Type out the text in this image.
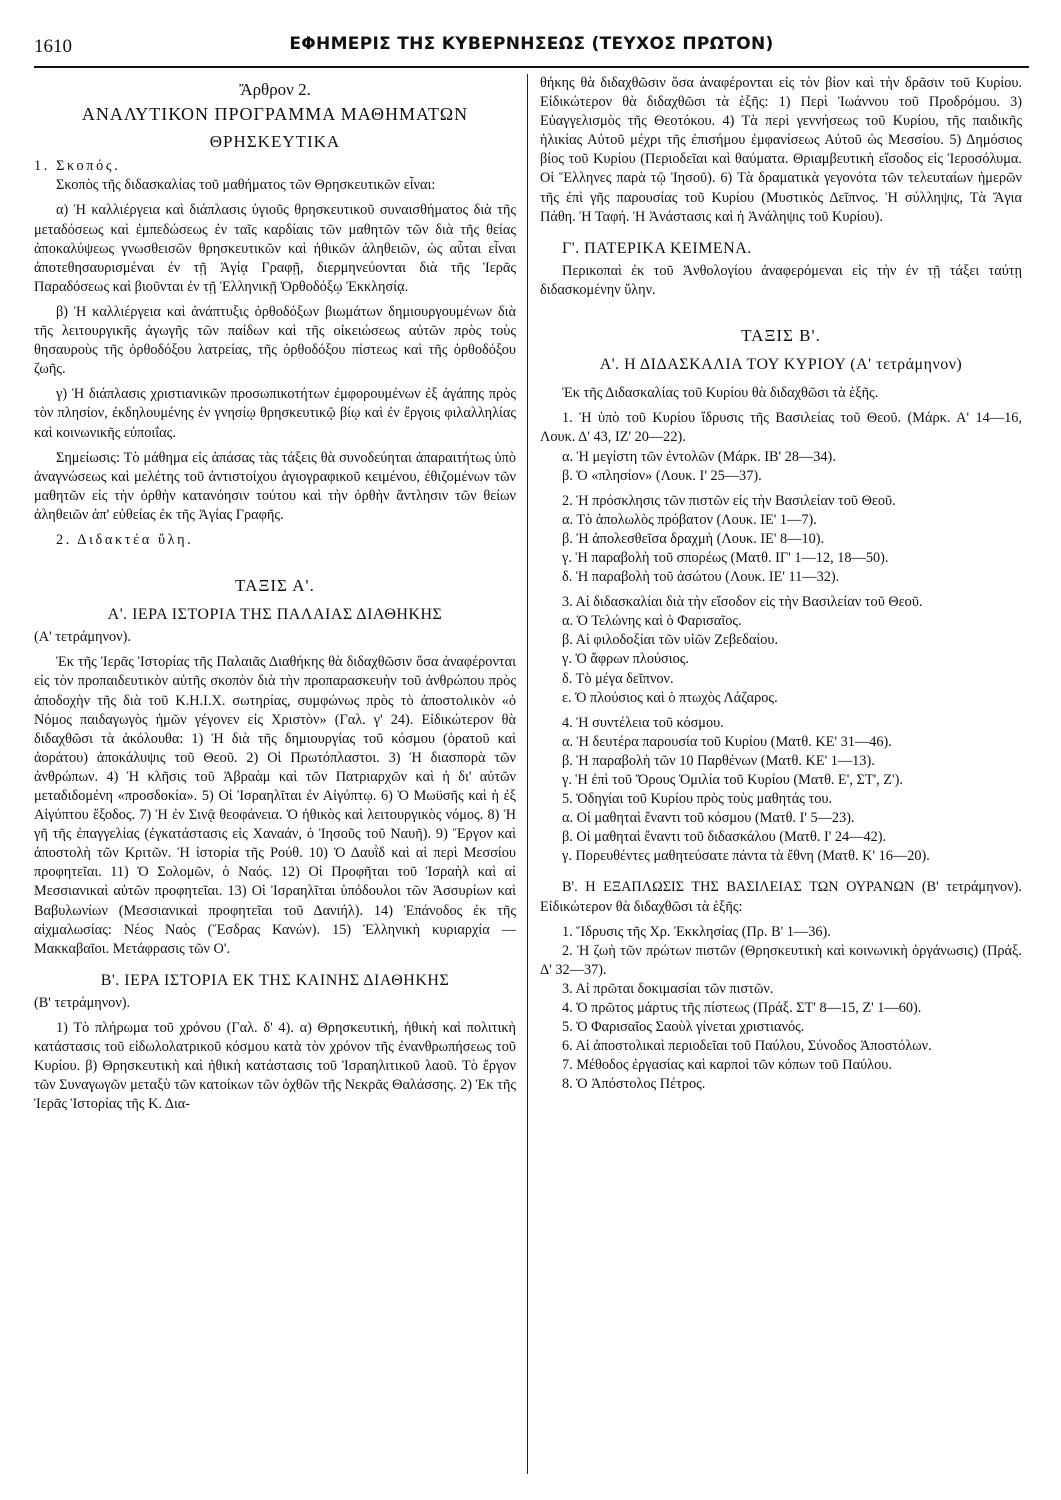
1610	ΕΦΗΜΕΡΙΣ ΤΗΣ ΚΥΒΕΡΝΗΣΕΩΣ (ΤΕΥΧΟΣ ΠΡΩΤΟΝ)

Ἄρθρον 2.

ΑΝΑΛΥΤΙΚΟΝ ΠΡΟΓΡΑΜΜΑ ΜΑΘΗΜΑΤΩΝ

ΘΡΗΣΚΕΥΤΙΚΑ

1. Σκοπός.

Σκοπὸς τῆς διδασκαλίας τοῦ μαθήματος τῶν Θρησκευτικῶν εἶναι:

α) Ἡ καλλιέργεια καὶ διάπλασις ὑγιοῦς θρησκευτικοῦ συναισθήματος διὰ τῆς μεταδόσεως καὶ ἐμπεδώσεως ἐν ταῖς καρδίαις τῶν μαθητῶν τῶν διὰ τῆς θείας ἀποκαλύψεως γνωσθεισῶν θρησκευτικῶν καὶ ἠθικῶν ἀληθειῶν, ὡς αὗται εἶναι ἀποτεθησαυρισμέναι ἐν τῇ Ἁγίᾳ Γραφῇ, διερμηνεύονται διὰ τῆς Ἱερᾶς Παραδόσεως καὶ βιοῦνται ἐν τῇ Ἑλληνικῇ Ὀρθοδόξῳ Ἐκκλησίᾳ.

β) Ἡ καλλιέργεια καὶ ἀνάπτυξις ὀρθοδόξων βιωμάτων δημιουργουμένων διὰ τῆς λειτουργικῆς ἀγωγῆς τῶν παίδων καὶ τῆς οἰκειώσεως αὐτῶν πρὸς τοὺς θησαυροὺς τῆς ὀρθοδόξου λατρείας, τῆς ὀρθοδόξου πίστεως καὶ τῆς ὀρθοδόξου ζωῆς.

γ) Ἡ διάπλασις χριστιανικῶν προσωπικοτήτων ἐμφορουμένων ἐξ ἀγάπης πρὸς τὸν πλησίον, ἐκδηλουμένης ἐν γνησίῳ θρησκευτικῷ βίῳ καὶ ἐν ἔργοις φιλαλληλίας καὶ κοινωνικῆς εὐποιΐας.

Σημείωσις: Τὸ μάθημα εἰς ἁπάσας τὰς τάξεις θὰ συνοδεύηται ἀπαραιτήτως ὑπὸ ἀναγνώσεως καὶ μελέτης τοῦ ἀντιστοίχου ἁγιογραφικοῦ κειμένου, ἐθιζομένων τῶν μαθητῶν εἰς τὴν ὀρθὴν κατανόησιν τούτου καὶ τὴν ὀρθὴν ἄντλησιν τῶν θείων ἀληθειῶν ἀπ' εὐθείας ἐκ τῆς Ἁγίας Γραφῆς.

2. Διδακτέα ὕλη.

ΤΑΞΙΣ Α'.

Α'. ΙΕΡΑ ΙΣΤΟΡΙΑ ΤΗΣ ΠΑΛΑΙΑΣ ΔΙΑΘΗΚΗΣ

(Α' τετράμηνον).

Ἐκ τῆς Ἱερᾶς Ἱστορίας τῆς Παλαιᾶς Διαθήκης θὰ διδαχθῶσιν ὅσα ἀναφέρονται εἰς τὸν προπαιδευτικὸν αὐτῆς σκοπὸν διὰ τὴν προπαρασκευὴν τοῦ ἀνθρώπου πρὸς ἀποδοχὴν τῆς διὰ τοῦ Κ.Η.Ι.Χ. σωτηρίας, συμφώνως πρὸς τὸ ἀποστολικὸν «ὁ Νόμος παιδαγωγὸς ἡμῶν γέγονεν εἰς Χριστὸν» (Γαλ. γ' 24). Εἰδικώτερον θὰ διδαχθῶσι τὰ ἀκόλουθα: 1) Ἡ διὰ τῆς δημιουργίας τοῦ κόσμου (ὁρατοῦ καὶ ἀοράτου) ἀποκάλυψις τοῦ Θεοῦ. 2) Οἱ Πρωτόπλαστοι. 3) Ἡ διασπορὰ τῶν ἀνθρώπων. 4) Ἡ κλῆσις τοῦ Ἀβραὰμ καὶ τῶν Πατριαρχῶν καὶ ἡ δι' αὐτῶν μεταδιδομένη «προσδοκία». 5) Οἱ Ἰσραηλῖται ἐν Αἰγύπτῳ. 6) Ὁ Μωϋσῆς καὶ ἡ ἐξ Αἰγύπτου ἔξοδος. 7) Ἡ ἐν Σινᾷ θεοφάνεια. Ὁ ἠθικὸς καὶ λειτουργικὸς νόμος. 8) Ἡ γῆ τῆς ἐπαγγελίας (ἐγκατάστασις εἰς Χαναάν, ὁ Ἰησοῦς τοῦ Ναυῆ). 9) Ἔργον καὶ ἀποστολὴ τῶν Κριτῶν. Ἡ ἱστορία τῆς Ρούθ. 10) Ὁ Δαυῒδ καὶ αἱ περὶ Μεσσίου προφητεῖαι. 11) Ὁ Σολομῶν, ὁ Ναός. 12) Οἱ Προφῆται τοῦ Ἰσραὴλ καὶ αἱ Μεσσιανικαὶ αὐτῶν προφητεῖαι. 13) Οἱ Ἰσραηλῖται ὑπόδουλοι τῶν Ἀσσυρίων καὶ Βαβυλωνίων (Μεσσιανικαὶ προφητεῖαι τοῦ Δανιήλ). 14) Ἐπάνοδος ἐκ τῆς αἰχμαλωσίας: Νέος Ναὸς (Ἔσδρας Κανών). 15) Ἑλληνικὴ κυριαρχία — Μακκαβαῖοι. Μετάφρασις τῶν Ο'.

Β'. ΙΕΡΑ ΙΣΤΟΡΙΑ ΕΚ ΤΗΣ ΚΑΙΝΗΣ ΔΙΑΘΗΚΗΣ

(Β' τετράμηνον).

1) Τὸ πλήρωμα τοῦ χρόνου (Γαλ. δ' 4). α) Θρησκευτική, ἠθικὴ καὶ πολιτικὴ κατάστασις τοῦ εἰδωλολατρικοῦ κόσμου κατὰ τὸν χρόνον τῆς ἐνανθρωπήσεως τοῦ Κυρίου. β) Θρησκευτικὴ καὶ ἠθικὴ κατάστασις τοῦ Ἰσραηλιτικοῦ λαοῦ. Τὸ ἔργον τῶν Συναγωγῶν μεταξὺ τῶν κατοίκων τῶν ὀχθῶν τῆς Νεκρᾶς Θαλάσσης. 2) Ἐκ τῆς Ἱερᾶς Ἱστορίας τῆς Κ. Δια-

θήκης θὰ διδαχθῶσιν ὅσα ἀναφέρονται εἰς τὸν βίον καὶ τὴν δρᾶσιν τοῦ Κυρίου. Εἰδικώτερον θὰ διδαχθῶσι τὰ ἑξῆς: 1) Περὶ Ἰωάννου τοῦ Προδρόμου. 3) Εὐαγγελισμὸς τῆς Θεοτόκου. 4) Τὰ περὶ γεννήσεως τοῦ Κυρίου, τῆς παιδικῆς ἡλικίας Αὐτοῦ μέχρι τῆς ἐπισήμου ἐμφανίσεως Αὐτοῦ ὡς Μεσσίου. 5) Δημόσιος βίος τοῦ Κυρίου (Περιοδεῖαι καὶ θαύματα. Θριαμβευτικὴ εἴσοδος εἰς Ἱεροσόλυμα. Οἱ Ἕλληνες παρὰ τῷ Ἰησοῦ). 6) Τὰ δραματικὰ γεγονότα τῶν τελευταίων ἡμερῶν τῆς ἐπὶ γῆς παρουσίας τοῦ Κυρίου (Μυστικὸς Δεῖπνος. Ἡ σύλληψις, Τὰ Ἅγια Πάθη. Ἡ Ταφή. Ἡ Ἀνάστασις καὶ ἡ Ἀνάληψις τοῦ Κυρίου).

Γ'. ΠΑΤΕΡΙΚΑ ΚΕΙΜΕΝΑ.

Περικοπαὶ ἐκ τοῦ Ἀνθολογίου ἀναφερόμεναι εἰς τὴν ἐν τῇ τάξει ταύτῃ διδασκομένην ὕλην.

ΤΑΞΙΣ Β'.

Α'. Η ΔΙΔΑΣΚΑΛΙΑ ΤΟΥ ΚΥΡΙΟΥ (Α' τετράμηνον)

Ἐκ τῆς Διδασκαλίας τοῦ Κυρίου θὰ διδαχθῶσι τὰ ἑξῆς.

1. Ἡ ὑπὸ τοῦ Κυρίου ἵδρυσις τῆς Βασιλείας τοῦ Θεοῦ. (Μάρκ. Α' 14—16, Λουκ. Δ' 43, ΙΖ' 20—22).

α. Ἡ μεγίστη τῶν ἐντολῶν (Μάρκ. ΙΒ' 28—34).

β. Ὁ «πλησίον» (Λουκ. Ι' 25—37).

2. Ἡ πρόσκλησις τῶν πιστῶν εἰς τὴν Βασιλείαν τοῦ Θεοῦ.

α. Τὸ ἀπολωλὸς πρόβατον (Λουκ. ΙΕ' 1—7).

β. Ἡ ἀπολεσθεῖσα δραχμὴ (Λουκ. ΙΕ' 8—10).

γ. Ἡ παραβολὴ τοῦ σπορέως (Ματθ. ΙΓ' 1—12, 18—50).

δ. Ἡ παραβολὴ τοῦ ἀσώτου (Λουκ. ΙΕ' 11—32).

3. Αἱ διδασκαλίαι διὰ τὴν εἴσοδον εἰς τὴν Βασιλείαν τοῦ Θεοῦ.

α. Ὁ Τελώνης καὶ ὁ Φαρισαῖος.

β. Αἱ φιλοδοξίαι τῶν υἱῶν Ζεβεδαίου.

γ. Ὁ ἄφρων πλούσιος.

δ. Τὸ μέγα δεῖπνον.

ε. Ὁ πλούσιος καὶ ὁ πτωχὸς Λάζαρος.

4. Ἡ συντέλεια τοῦ κόσμου.

α. Ἡ δευτέρα παρουσία τοῦ Κυρίου (Ματθ. ΚΕ' 31—46).

β. Ἡ παραβολὴ τῶν 10 Παρθένων (Ματθ. ΚΕ' 1—13).

γ. Ἡ ἐπὶ τοῦ Ὄρους Ὁμιλία τοῦ Κυρίου (Ματθ. Ε', ΣΤ', Ζ').

5. Ὁδηγίαι τοῦ Κυρίου πρὸς τοὺς μαθητάς του.

α. Οἱ μαθηταὶ ἔναντι τοῦ κόσμου (Ματθ. Ι' 5—23).

β. Οἱ μαθηταὶ ἔναντι τοῦ διδασκάλου (Ματθ. Ι' 24—42).

γ. Πορευθέντες μαθητεύσατε πάντα τὰ ἔθνη (Ματθ. Κ' 16—20).

Β'. Η ΕΞΑΠΛΩΣΙΣ ΤΗΣ ΒΑΣΙΛΕΙΑΣ ΤΩΝ ΟΥΡΑΝΩΝ (Β' τετράμηνον). Εἰδικώτερον θὰ διδαχθῶσι τὰ ἑξῆς:

1. Ἵδρυσις τῆς Χρ. Ἐκκλησίας (Πρ. Β' 1—36).

2. Ἡ ζωὴ τῶν πρώτων πιστῶν (Θρησκευτικὴ καὶ κοινωνικὴ ὀργάνωσις) (Πράξ. Δ' 32—37).

3. Αἱ πρῶται δοκιμασίαι τῶν πιστῶν.

4. Ὁ πρῶτος μάρτυς τῆς πίστεως (Πράξ. ΣΤ' 8—15, Ζ' 1—60).

5. Ὁ Φαρισαῖος Σαοὺλ γίνεται χριστιανός.

6. Αἱ ἀποστολικαὶ περιοδεῖαι τοῦ Παύλου, Σύνοδος Ἀποστόλων.

7. Μέθοδος ἐργασίας καὶ καρποὶ τῶν κόπων τοῦ Παύλου.

8. Ὁ Ἀπόστολος Πέτρος.
